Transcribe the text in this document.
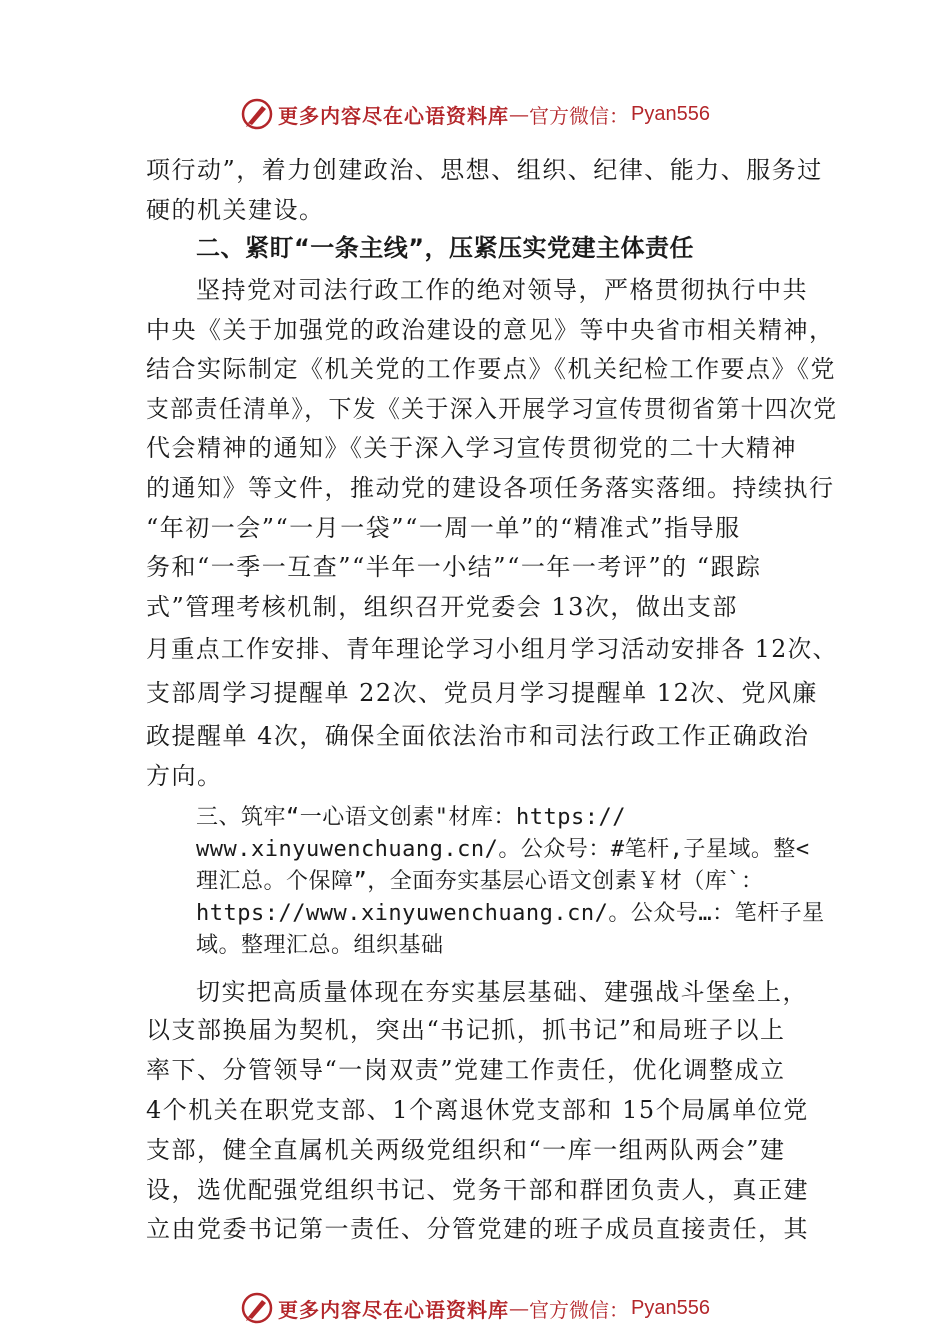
更多内容尽在心语资料库 — 官方微信： Pyan556
项行动”，着力创建政治、思想、组织、纪律、能力、服务过
硬的机关建设。
二、紧盯“一条主线”，压紧压实党建主体责任
坚持党对司法行政工作的绝对领导，严格贯彻执行中共
中央《关于加强党的政治建设的意见》等中央省市相关精神，
结合实际制定《机关党的工作要点》《机关纪检工作要点》《党
支部责任清单》，下发《关于深入开展学习宣传贯彻省第十四次党
代会精神的通知》《关于深入学习宣传贯彻党的二十大精神
的通知》等文件，推动党的建设各项任务落实落细。持续执行
“年初一会”“一月一袋”“一周一单”的“精准式”指导服
务和“一季一互查”“半年一小结”“一年一考评”的 “跟踪
式”管理考核机制，组织召开党委会 13次，做出支部
月重点工作安排、青年理论学习小组月学习活动安排各 12次、
支部周学习提醒单 22次、党员月学习提醒单 12次、党风廉
政提醒单 4次，确保全面依法治市和司法行政工作正确政治
方向。
三、筑牢“一心语文创素"材库：https://
www.xinyuwenchuang.cn/。公众号：#笔杆,子星域。整<
理汇总。个保障”，全面夯实基层心语文创素￥材（库`：
https://www.xinyuwenchuang.cn/。公众号…：笔杆子星
域。整理汇总。组织基础
切实把高质量体现在夯实基层基础、建强战斗堡垒上，
以支部换届为契机，突出“书记抓，抓书记”和局班子以上
率下、分管领导“一岗双责”党建工作责任，优化调整成立
4个机关在职党支部、1个离退休党支部和 15个局属单位党
支部，健全直属机关两级党组织和“一库一组两队两会”建
设，选优配强党组织书记、党务干部和群团负责人，真正建
立由党委书记第一责任、分管党建的班子成员直接责任，其
更多内容尽在心语资料库 — 官方微信： Pyan556
